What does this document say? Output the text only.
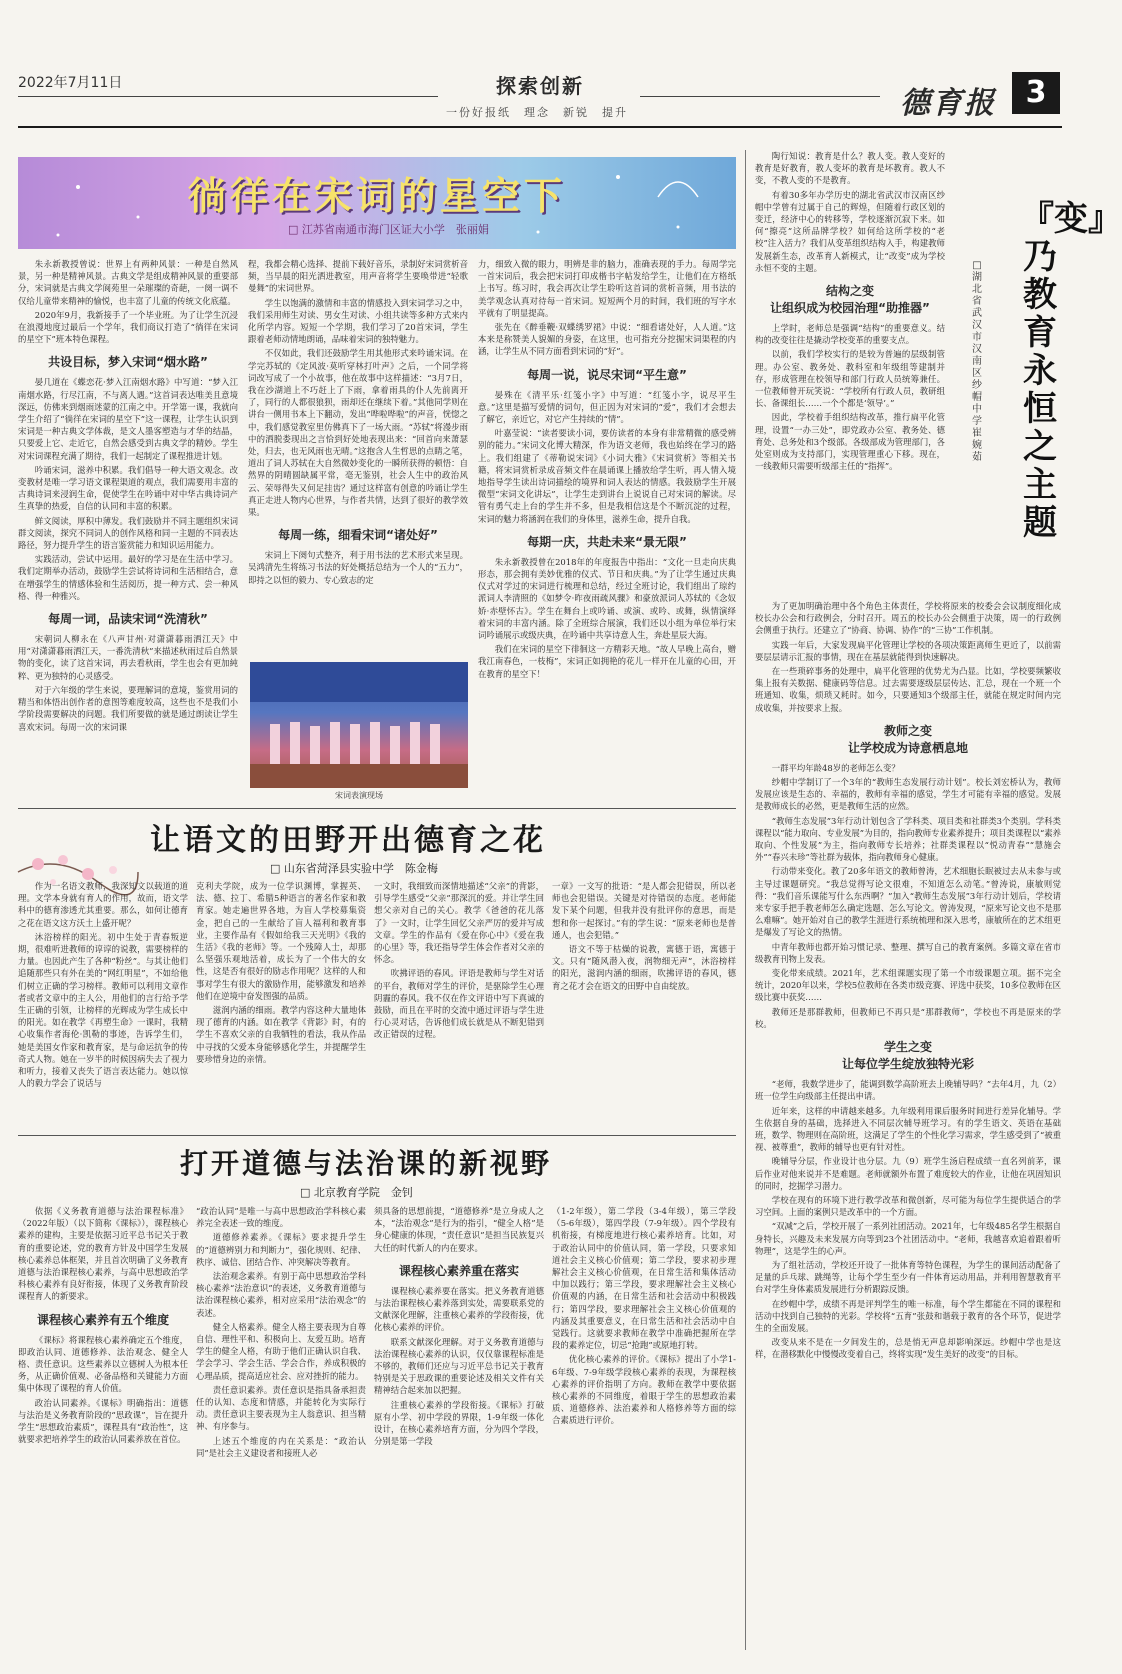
2022年7月11日	探索创新
一份好报纸　理念　新锐　提升	德育报 3
徜徉在宋词的星空下
□ 江苏省南通市海门区证大小学　张丽娟

朱永新教授曾说：世界上有两种风景：一种是自然风景，另一种是精神风景。古典文学是组成精神风景的重要部分，宋词就是古典文学阆苑里一朵璀璨的奇葩，一阕一调不仅给儿童带来精神的愉悦，也丰富了儿童的传统文化底蕴。

2020年9月，我新接手了一个毕业班。为了让学生沉浸在浪漫地度过最后一个学年，我们商议打造了“徜徉在宋词的星空下”班本特色课程。

共设目标，梦入宋词“烟水路”

晏几道在《蝶恋花·梦入江南烟水路》中写道：“梦入江南烟水路，行尽江南，不与离人遇。”这首词表达唯美且意境深远，仿佛来到烟雨迷蒙的江南之中。开学第一课，我就向学生介绍了“徜徉在宋词的星空下”这一课程，让学生认识到宋词是一种古典文学体裁，是文人墨客塑造与才华的结晶，只要爱上它、走近它，自然会感受到古典文学的精妙。学生对宋词课程充满了期待，我们一起制定了课程推进计划。

吟诵宋词，滋养中积累。我们倡导一种大语文观念。改变教材是唯一学习语文课程渠道的观点，我们需要用丰富的古典诗词来浸润生命，促使学生在吟诵中对中华古典诗词产生真挚的热爱，自信的认同和丰富的积累。

鲜文阅读，厚积中薄发。我们鼓励并不同主题组织宋词群文阅读，探究不同词人的创作风格和同一主题的不同表达路径，努力提升学生的语言鉴赏能力和知识运用能力。

实践活动，尝试中运用。最好的学习是在生活中学习。我们定期举办活动，鼓励学生尝试将诗词和生活相结合，意在增强学生的情感体验和生活阅历，提一种方式、尝一种风格、得一种雅兴。

每周一词，品读宋词“洗清秋”

宋朝词人柳永在《八声甘州·对潇潇暮雨洒江天》中用“对潇潇暮雨洒江天，一番洗清秋”来描述秋雨过后自然景物的变化，读了这首宋词，再去看秋雨，学生也会有更加純粹、更为独特的心灵感受。

对于六年级的学生来说，要理解词的意境，鉴赏用词的精当和体悟出创作者的意图等难度较高，这些也不是我们小学阶段需要解决的问题。我们所要做的就是通过朗读让学生喜欢宋词。每周一次的宋词课

程，我都会精心选择、提前下载好音乐，录制好宋词赏析音频，当早晨的阳光洒进教室，用声音将学生要唤带进“轻歌曼舞”的宋词世界。

学生以饱满的激情和丰富的情感投入到宋词学习之中，我们采用师生对读、男女生对读、小组共读等多种方式来内化所学内容。短短一个学期，我们学习了20首宋词，学生跟着老师动情地朗诵，品味着宋词的独特魅力。

不仅如此，我们还鼓励学生用其他形式来吟诵宋词。在学完苏轼的《定风波·莫听穿林打叶声》之后，一个同学将词改写成了一个小故事，他在故事中这样描述：“3月7日，我在沙湖道上不巧赶上了下雨，拿着雨具的仆人先前离开了，同行的人都很狼狈，雨却还在继续下着。”其他同学则在讲台一侧用书本上下翻动，发出“哗啦哗啦”的声音，恍惚之中，我们感觉教室里仿佛真下了一场大雨。“苏轼”将漫步雨中的洒脱娄现出之言恰到好处地表现出来：“回首向来萧瑟处，归去，也无风雨也无晴。”这抱含人生哲思的点睛之笔，道出了词人苏轼在大自然微妙变化的一瞬所获得的顿悟：自然界的阴晴圆缺属平常，毫无鉴别，社会人生中的政治风云、荣辱得失又何足挂齿？通过这样富有创意的吟诵让学生真正走进人物内心世界，与作者共情，达到了很好的教学效果。

每周一练，细看宋词“诸处好”

宋词上下阕句式整齐，利于用书法的艺术形式来呈现。吴鸿清先生将练习书法的好处概括总结为一个人的“五力”，即持之以恒的毅力、专心致志的定

宋词表演现场

力，细致入微的眼力，明辨是非的脑力，准确表现的手力。每周学完一首宋词后，我会把宋词打印成楷书字帖发给学生，让他们在方格纸上书写。练习时，我会再次让学生聆听这首词的赏析音频，用书法的美学观念认真对待每一首宋词。短短两个月的时间，我们班的写字水平就有了明显提高。

张先在《醉垂鞭·双蝶绣罗裙》中说：“细看诸处好，人人道。”这本来是称赞美人貌媚的身姿，在这里，也可指充分挖掘宋词渠程的内涵，让学生从不同方面看到宋词的“好”。

每周一说，说尽宋词“平生意”

晏殊在《清平乐·红笺小字》中写道：“红笺小字，说尽平生意。”这里是描写爱情的词句，但正因为对宋词的“爱”，我们才会想去了解它，亲近它，对它产生持续的“情”。

叶嘉莹说：“读者要读小词，要仿读者的本身有非常精微的感受辨别的能力。”宋词文化博大精深，作为语文老师，我也始终在学习的路上。我们组建了《蒂勒说宋词》《小词大雅》《宋词赏析》等相关书籍，将宋词赏析录成音频文件在晨诵课上播放给学生听，再人情入境地指导学生读出诗词描绘的境界和词人表达的情感。我鼓励学生开展微型“宋词文化讲坛”，让学生走到讲台上说说自己对宋词的解读。尽管有勇气走上台的学生并不多，但是我相信这是个不断沉淀的过程，宋词的魅力将涵润在我们的身体里，滋养生命，提升自我。

每期一庆，共赴未来“景无限”

朱永新教授曾在2018年的年度报告中指出：“文化一旦走向庆典形态，那会拥有美妙优雅的仪式、节日和庆典。”为了让学生通过庆典仪式对学过的宋词进行梳理和总结，经过全班讨论，我们组出了琼约派词人李清照的《如梦令·昨夜雨疏风骤》和豪放派词人苏轼的《念奴娇·赤壁怀古》。学生在舞台上或吟诵、或演、或吟、或舞，纵情演绎着宋词的丰富内涵。除了全班综合展演，我们还以小组为单位举行宋词吟诵展示或级庆典，在吟诵中共享诗意人生，奔赴星辰大海。

我们在宋词的星空下徘徊这一方精彩天地。“故人早晚上高台，赠我江南春色，一枝梅”，宋词正如拥艳的花儿一样开在儿童的心田，开在教育的星空下！

让语文的田野开出德育之花
□ 山东省菏泽县实验中学　陈金梅

作为一名语文教师，我深知文以载道的道理。文学本身就有育人的作用，故而，语文学科中的德育渗透尤其重要。那么，如何让德育之花在语文这方沃土上盛开呢？

沐浴榜样的阳光。初中生处于青春叛逆期，很难听进教师的谆谆的说教，需要榜样的力量。也因此产生了各种“粉丝”。与其让他们追随那些只有外在美的“网红明星”，不如给他们树立正确的学习榜样。教师可以利用文章作者或者文章中的主人公，用他们的言行给予学生正确的引领，让榜样的光辉成为学生成长中的阳光。如在教学《再塑生命》一课时，我精心收集作者海伦·凯勒的事迹，告诉学生们，她是美国女作家和教育家，是与命运抗争的传奇式人物。她在一岁半的时候因病失去了视力和听力，接着又丧失了语言表达能力。她以惊人的毅力学会了说话与

克利夫学院，成为一位学识渊博，掌握英、法、德、拉丁、希腊5种语言的著名作家和教育家。她走遍世界各地，为盲人学校募集资金，把自己的一生献给了盲人福利和教育事业，主要作品有《假如给我三天光明》《我的生活》《我的老师》等。一个残障人士，却那么坚强乐观地活着，成长为了一个伟大的女性，这是否有很好的励志作用呢？这样的人和事对学生有很大的激励作用，能够激发和培养他们在逆境中奋发图强的品质。

滋润内涵的细雨。教学内容这种大量地体现了德育的内涵。如在教学《背影》时，有的学生不喜欢父亲的自我牺牲的看法，我从作品中寻找的父爱本身能够感化学生，并提醒学生要珍惜身边的亲情。

一文时，我细致而深情地描述“父亲”的背影，引导学生感受“父亲”那深沉的爱。并让学生回想父亲对自己的关心。教学《爸爸的花儿落了》一文时，让学生回忆父亲严厉的爱并写成文章。学生的作品有《爱在你心中》《爱在我的心里》等，我还指导学生体会作者对父亲的怀念。

吹拂评语的春风。评语是教师与学生对话的平台，教师对学生的评价，是驱除学生心理阴霾的春风。我不仅在作文评语中写下真诚的鼓励，而且在平时的交流中通过评语与学生进行心灵对话，告诉他们成长就是从不断犯错到改正错误的过程。

一章》一文写的批语：“是人都会犯错误，所以老师也会犯错误。关键是对待错误的态度。老师能发下某个问题，但我并没有批评你的意思，而是想和你一起探讨。”有的学生说：“原来老师也是普通人，也会犯错。”

语文不等于枯燥的说教，寓德于语，寓德于文。只有“随风潜入夜，润物细无声”，沐浴榜样的阳光，滋润内涵的细雨，吹拂评语的春风，德育之花才会在语文的田野中自由绽放。

打开道德与法治课的新视野
□ 北京教育学院　金钊

依据《义务教育道德与法治课程标准》（2022年版）（以下简称《课标》），课程核心素养的建构，主要是依据习近平总书记关于教育的重要论述，党的教育方针及中国学生发展核心素养总体框架，并且首次明确了义务教育道德与法治课程核心素养，与高中思想政治学科核心素养有良好衔接，体现了义务教育阶段课程育人的新要求。

课程核心素养有五个维度

《课标》将课程核心素养确定五个维度，即政治认同、道德修养、法治观念、健全人格、责任意识。这些素养以立德树人为根本任务，从正确价值观、必备品格和关键能力方面集中体现了课程的育人价值。

政治认同素养。《课标》明确指出：道德与法治是义务教育阶段的“思政课”，旨在提升学生“思想政治素质”，课程具有“政治性”，这就要求把培养学生的政治认同素养放在首位。

“政治认同”是唯一与高中思想政治学科核心素养完全表述一致的维度。

道德修养素养。《课标》要求提升学生的“道德辨别力和判断力”，强化规则、纪律、秩序、诚信、团结合作、冲突解决等教育。

法治观念素养。有别于高中思想政治学科核心素养“法治意识”的表述，义务教育道德与法治课程核心素养，相对应采用“法治观念”的表述。

健全人格素养。健全人格主要表现为自尊自信、理性平和、积极向上、友爱互助。培育学生的健全人格，有助于他们正确认识自我、学会学习、学会生活、学会合作，养成积极的心理品质，提高适应社会、应对挫折的能力。

责任意识素养。责任意识是指具备承担责任的认知、态度和情感，并能转化为实际行动。责任意识主要表现为主人翁意识、担当精神、有序参与。

上述五个维度的内在关系是：“政治认同”是社会主义建设者和接班人必

须具备的思想前提，“道德修养”是立身成人之本，“法治观念”是行为的指引，“健全人格”是身心健康的体现，“责任意识”是担当民族复兴大任的时代新人的内在要求。

课程核心素养重在落实

课程核心素养要在落实。把义务教育道德与法治课程核心素养落到实处，需要联系党的文献深化理解，注重核心素养的学段衔接，优化核心素养的评价。

联系文献深化理解。对于义务教育道德与法治课程核心素养的认识，仅仅靠课程标准是不够的，教师们还应与习近平总书记关于教育特别是关于思政课的重要论述及相关文件有关精神结合起来加以把握。

注重核心素养的学段衔接。《课标》打破原有小学、初中学段的界限，1-9年级一体化设计，在核心素养培育方面，分为四个学段，分别是第一学段

（1-2年级），第二学段（3-4年级），第三学段（5-6年级），第四学段（7-9年级）。四个学段有机衔接，有梯度地进行核心素养培育。比如，对于政治认同中的价值认同，第一学段，只要求知道社会主义核心价值观；第二学段，要求初步理解社会主义核心价值观，在日常生活和集体活动中加以践行；第三学段，要求理解社会主义核心价值观的内涵，在日常生活和社会活动中积极践行；第四学段，要求理解社会主义核心价值观的内涵及其重要意义，在日常生活和社会活动中自觉践行。这就要求教师在教学中准确把握所在学段的素养定位，切忌“抢跑”或原地打转。

优化核心素养的评价。《课标》提出了小学1-6年级、7-9年级学段核心素养的表现，为课程核心素养的评价指明了方向。教师在教学中要依据核心素养的不同维度，着眼于学生的思想政治素质、道德修养、法治素养和人格修养等方面的综合素质进行评价。

『变』乃教育永恒之主题
□ 湖北省武汉市汉南区纱帽中学　崔婉茹

陶行知说：教育是什么？教人变。教人变好的教育是好教育，教人变坏的教育是坏教育。教人不变，不教人变的不是教育。

有着30多年办学历史的湖北省武汉市汉南区纱帽中学曾有过属于自己的辉煌，但随着行政区划的变迁，经济中心的转移等，学校逐渐沉寂下来。如何“擦亮”这所品牌学校？如何给这所学校的“老校”注入活力？我们从变革组织结构入手，构建教师发展新生态，改革育人新模式，让“改变”成为学校永恒不变的主题。

结构之变
让组织成为校园治理“助推器”

上学时，老师总是强调“结构”的重要意义。结构的改变往往是撬动学校变革的重要支点。

以前，我们学校实行的是较为普遍的层级制管理。办公室、教务处、教科室和年级组等建制并存，形成管理在校领导和部门行政人员统筹兼任。一位教师曾开玩笑说：“学校所有行政人员，教研组长、备课组长……一个个都是‘领导’。”

因此，学校着手组织结构改革，推行扁平化管理，设置“一办三处”，即党政办公室、教务处、德育处、总务处和3个级部。各级部成为管理部门，各处室则成为支持部门，实现管理重心下移。现在，一线教师只需要听级部主任的“指挥”。

为了更加明确治理中各个角色主体责任，学校将原来的校委会会议制度细化成校长办公会和行政例会，分时召开。周五的校长办公会侧重于决策，周一的行政例会侧重于执行。还建立了“协商、协调、协作”的“三协”工作机制。

实践一年后，大家发现扁平化管理让学校的各项决策距离师生更近了，以前需要层层请示汇报的事情，现在在基层就能得到快速解决。

在一些琐碎事务的处理中，扁平化管理的优势尤为凸显。比如，学校要频繁收集上报有关数据、健康码等信息。过去需要逐级层层传达、汇总，现在一个班一个班通知、收集，烦琐又耗时。如今，只要通知3个级部主任，就能在规定时间内完成收集，并按要求上报。

教师之变
让学校成为诗意栖息地

一群平均年龄48岁的老师怎么变？

纱帽中学制订了一个3年的“教师生态发展行动计划”。校长刘宏桥认为，教师发展应该是生态的、幸福的，教师有幸福的感觉，学生才可能有幸福的感觉。发展是教师成长的必然，更是教师生活的应然。

“教师生态发展”3年行动计划包含了学科类、项目类和社群类3个类别。学科类课程以“能力取向、专业发展”为目的，指向教师专业素养提升；项目类课程以“素养取向、个性发展”为主，指向教师专长培养；社群类课程以“悦动青春”“慧施会外”“春兴未珍”等社群为载体，指向教师身心健康。

行动带来变化。教了20多年语文的教师曾涛，艺术细胞长眠被过去从未参与或主导过课题研究。“我总觉得写论文很难，不知道怎么动笔。”曾涛说，康敏则觉得：“我们音乐课能写什么东西啊？”加入“教师生态发展”3年行动计划后，学校请来专家手把手教老师怎么确定选题、怎么写论文。曾涛发现，“原来写论文也不是那么难嘛”。她开始对自己的教学生涯进行系统梳理和深入思考，康敏所在的艺术组更是爆发了写论文的热情。

中青年教师也都开始习惯记录、整理、撰写自己的教育案例。多篇文章在省市级教育刊物上发表。

变化带来成绩。2021年，艺术组课题实现了第一个市级课题立项。据不完全统计，2020年以来，学校5位教师在各类市级竞赛、评选中获奖，10多位教师在区级比赛中获奖……

教师还是那群教师，但教师已不再只是“那群教师”，学校也不再是原来的学校。

学生之变
让每位学生绽放独特光彩

“老师，我数学进步了，能调到数学高阶班去上晚辅导吗？”去年4月，九（2）班一位学生向级部主任提出申请。

近年来，这样的申请越来越多。九年级利用课后服务时间进行差异化辅导。学生依据自身的基础，选择进入不同层次辅导班学习。有的学生语文、英语在基础班，数学、物理则在高阶班，这满足了学生的个性化学习需求，学生感受到了“被重视、被尊重”，教师的辅导也更有针对性。

晚辅导分层，作业设计也分层。九（9）班学生汤启程成绩一直名列前茅，课后作业对他来说并不是难题。老师就额外布置了难度较大的作业，让他在巩固知识的同时，挖掘学习潜力。

学校在现有的环境下进行教学改革和微创新，尽可能为每位学生提供适合的学习空间。上面的案例只是改革中的一个方面。

“双减”之后，学校开展了一系列社团活动。2021年，七年级485名学生根据自身特长，兴趣及未来发展方向等到23个社团活动中。“老师，我越喜欢追着跟着听物理”，这是学生的心声。

为了组社活动，学校还开设了一批体育等特色课程，为学生的课间活动配备了足量的乒乓球、跳绳等，让每个学生至少有一件体育运动用品，并利用智慧教育平台对学生身体素质发展进行分析跟踪反馈。

在纱帽中学，成绩不再是评判学生的唯一标准，每个学生都能在不同的课程和活动中找到自己独特的光彩。学校将“五育”张鼓和谐载于教育的各个环节，促进学生的全面发展。

改变从来不是在一夕间发生的，总是悄无声息却影响深远。纱帽中学也是这样，在潜移默化中慢慢改变着自己，终将实现“发生美好的改变”的目标。
